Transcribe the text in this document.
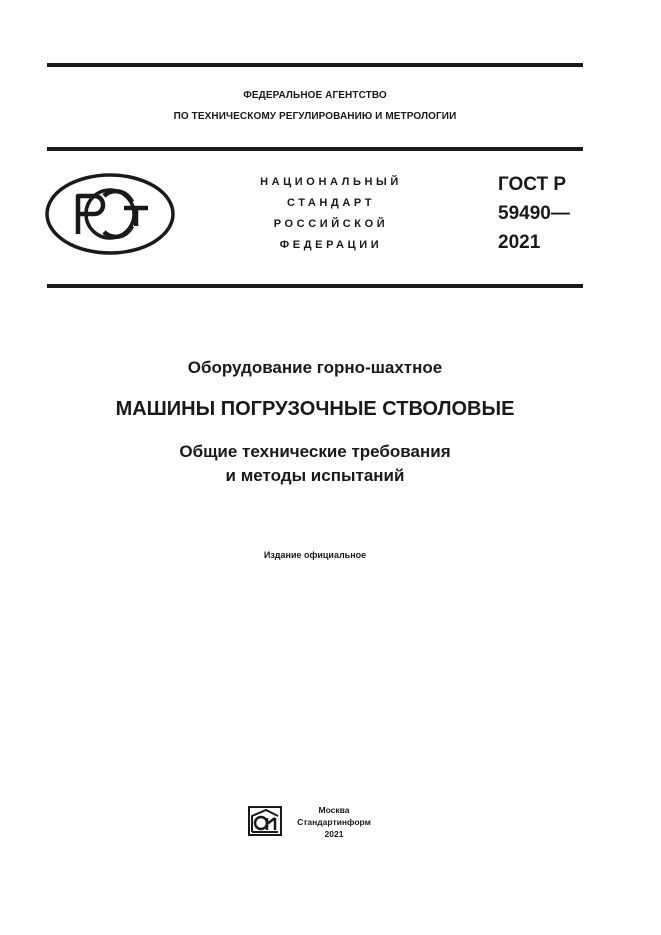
ФЕДЕРАЛЬНОЕ АГЕНТСТВО
ПО ТЕХНИЧЕСКОМУ РЕГУЛИРОВАНИЮ И МЕТРОЛОГИИ
НАЦИОНАЛЬНЫЙ
СТАНДАРТ
РОССИЙСКОЙ
ФЕДЕРАЦИИ
ГОСТ Р
59490—
2021
Оборудование горно-шахтное
МАШИНЫ ПОГРУЗОЧНЫЕ СТВОЛОВЫЕ
Общие технические требования
и методы испытаний
Издание официальное
Москва
Стандартинформ
2021
